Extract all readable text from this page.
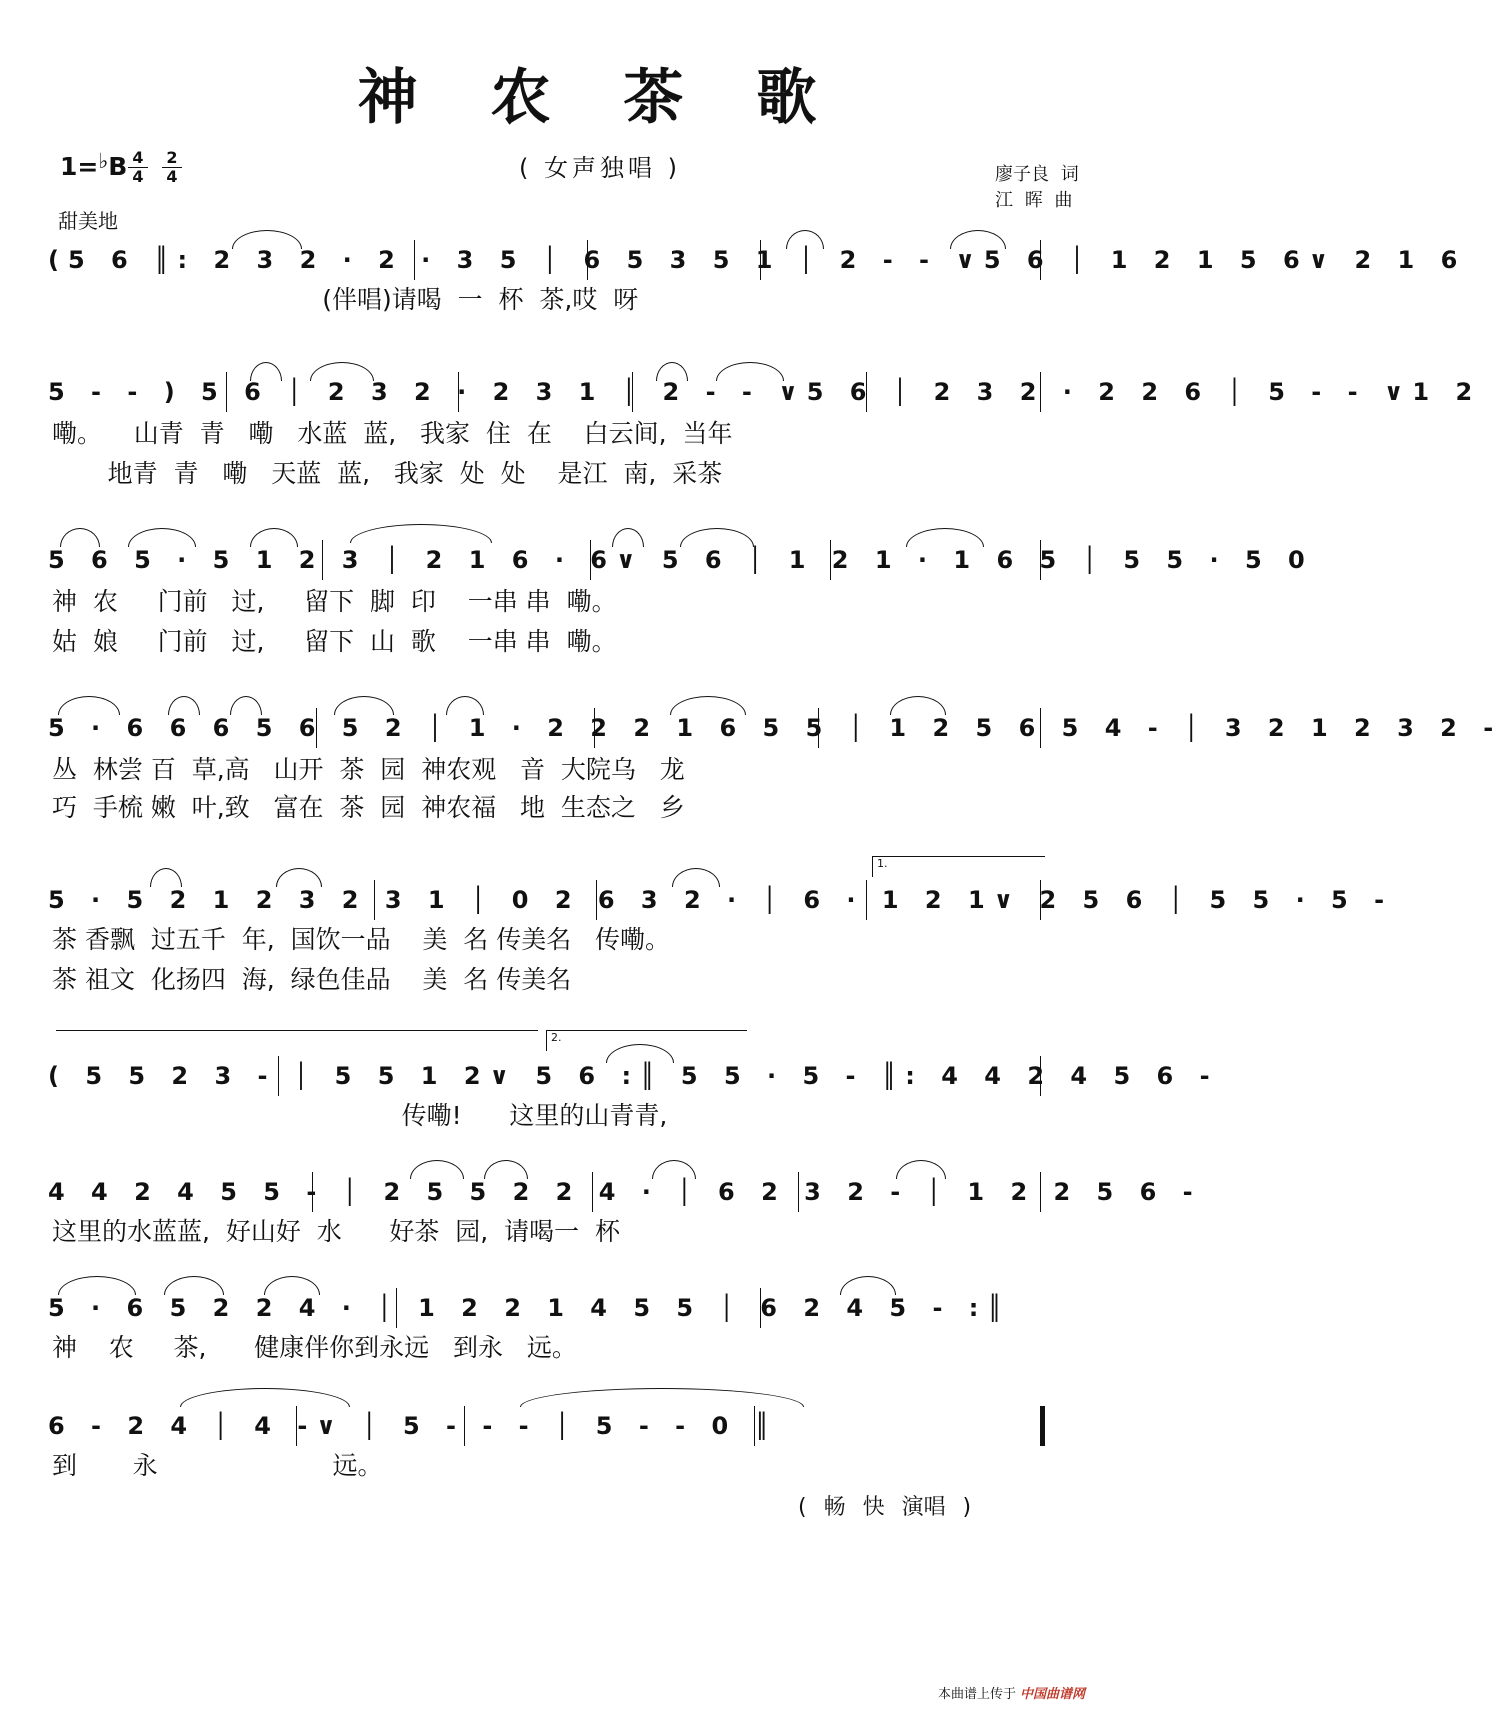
神 农 茶 歌
( 女声独唱 )
1=♭B 4
4
2
4
甜美地
廖子良 词
江 晖 曲
(5 6 ║: 2 3 2 · 2 · 3 5 │ 6 5 3 5 1 │ 2 - - ∨5 6 │ 1 2 1 5 6∨ 2 1 6
(伴唱)请喝  一  杯  茶,哎  呀
5 - - ) 5 6 │ 2 3 2 · 2 3 1 │ 2 - - ∨5 6 │ 2 3 2 · 2 2 6 │ 5 - - ∨1 2
嘞。    山青  青   嘞   水蓝  蓝,   我家  住  在    白云间,  当年
地青  青   嘞   天蓝  蓝,   我家  处  处    是江  南,  采茶
5 6 5 · 5 1 2 3 │ 2 1 6 · 6∨ 5 6 │ 1 2 1 · 1 6 5 │ 5 5 · 5 0
神  农     门前   过,     留下  脚  印    一串 串  嘞。
姑  娘     门前   过,     留下  山  歌    一串 串  嘞。
5 · 6 6 6 5 6 5 2 │ 1 · 2 2 2 1 6 5 5 │ 1 2 5 6 5 4 - │ 3 2 1 2 3 2 -
丛  林尝 百  草,高   山开  茶  园  神农观   音  大院乌   龙
巧  手梳 嫩  叶,致   富在  茶  园  神农福   地  生态之   乡
1.
5 · 5 2 1 2 3 2 3 1 │ 0 2 6 3 2 · │ 6 · 1 2 1∨ 2 5 6 │ 5 5 · 5 -
茶 香飘  过五千  年,  国饮一品    美  名 传美名   传嘞。
茶 祖文  化扬四  海,  绿色佳品    美  名 传美名
2.
( 5 5 2 3 - │ 5 5 1 2∨ 5 6 :║ 5 5 · 5 - ║: 4 4 2 4 5 6 -
传嘞!      这里的山青青,
4 4 2 4 5 5 - │ 2 5 5 2 2 4 · │ 6 2 3 2 - │ 1 2 2 5 6 -
这里的水蓝蓝,  好山好  水      好茶  园,  请喝一  杯
5 · 6 5 2 2 4 · │ 1 2 2 1 4 5 5 │ 6 2 4 5 - :║
神    农     茶,      健康伴你到永远   到永   远。
6 - 2 4 │ 4 -∨ │ 5 - - - │ 5 - - 0 ║
到       永                      远。
( 畅 快 演唱 )
本曲谱上传于 中国曲谱网
